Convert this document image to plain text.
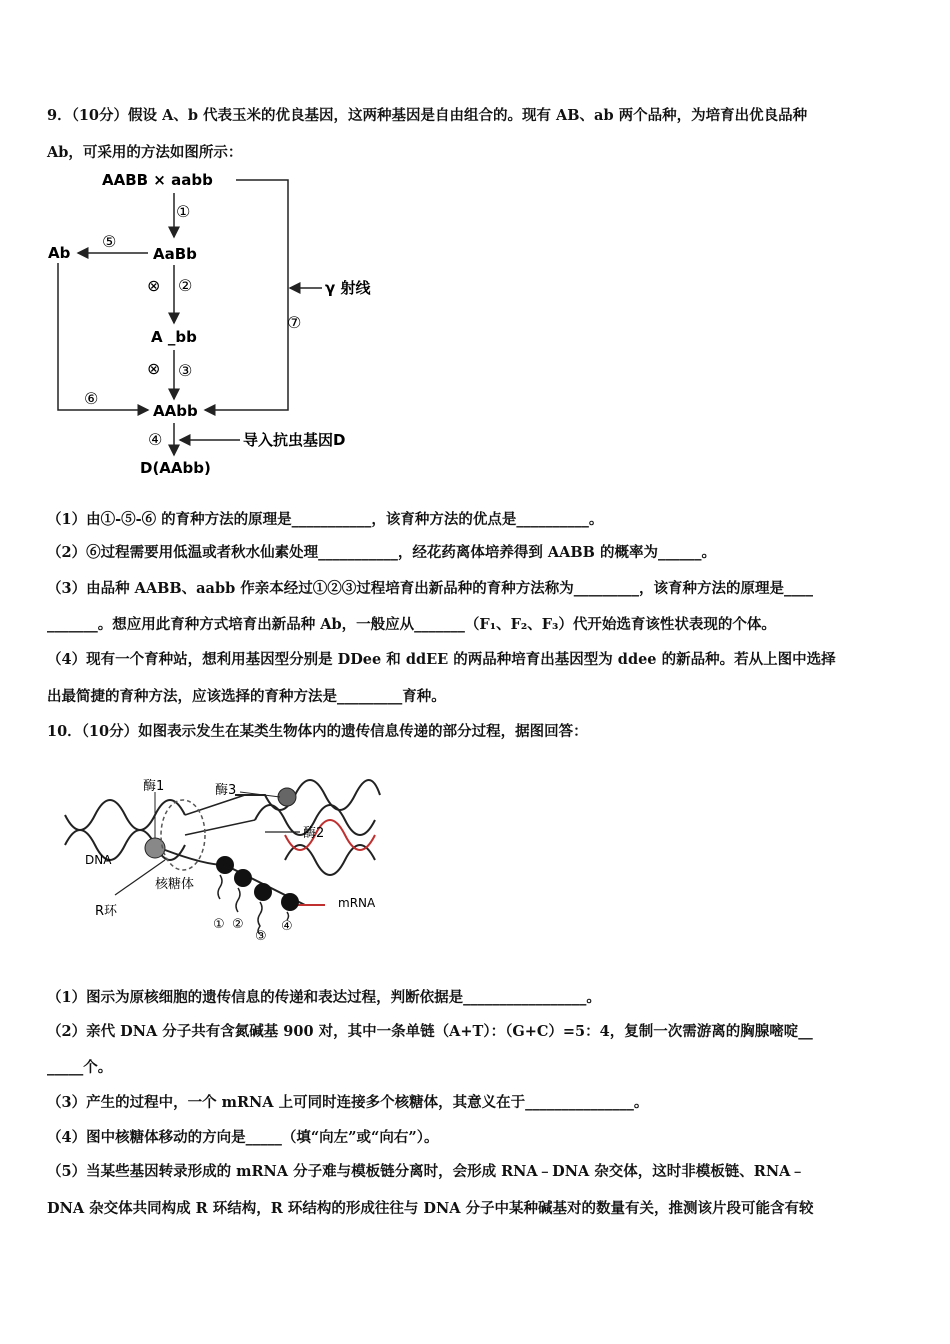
9．（10分）假设 A、b 代表玉米的优良基因，这两种基因是自由组合的。现有 AB、ab 两个品种，为培育出优良品种
Ab，可采用的方法如图所示：
AABB × aabb
①
AaBb
⑤
Ab
⑥
⊗ ②	γ 射线
⑦
A _bb
⊗ ③
AAbb
④	导入抗虫基因D
D(AAbb)
（1）由①-⑤-⑥ 的育种方法的原理是___________，该育种方法的优点是__________。
（2）⑥过程需要用低温或者秋水仙素处理___________，经花药离体培养得到 AABB 的概率为______。
（3）由品种 AABB、aabb 作亲本经过①②③过程培育出新品种的育种方法称为_________，该育种方法的原理是____
_______。想应用此育种方式培育出新品种 Ab，一般应从_______（F₁、F₂、F₃）代开始选育该性状表现的个体。
（4）现有一个育种站，想利用基因型分别是 DDee 和 ddEE 的两品种培育出基因型为 ddee 的新品种。若从上图中选择
出最简捷的育种方法，应该选择的育种方法是_________育种。
10．（10分）如图表示发生在某类生物体内的遗传信息传递的部分过程，据图回答：
酶1	酶3
酶2
DNA
核糖体
R环
mRNA
① ②
③
④
（1）图示为原核细胞的遗传信息的传递和表达过程，判断依据是_________________。
（2）亲代 DNA 分子共有含氮碱基 900 对，其中一条单链（A+T）：（G+C）=5：4，复制一次需游离的胸腺嘧啶__
_____个。
（3）产生的过程中，一个 mRNA 上可同时连接多个核糖体，其意义在于_______________。
（4）图中核糖体移动的方向是_____（填“向左”或“向右”）。
（5）当某些基因转录形成的 mRNA 分子难与模板链分离时，会形成 RNA﹣DNA 杂交体，这时非模板链、RNA﹣
DNA 杂交体共同构成 R 环结构，R 环结构的形成往往与 DNA 分子中某种碱基对的数量有关，推测该片段可能含有较
